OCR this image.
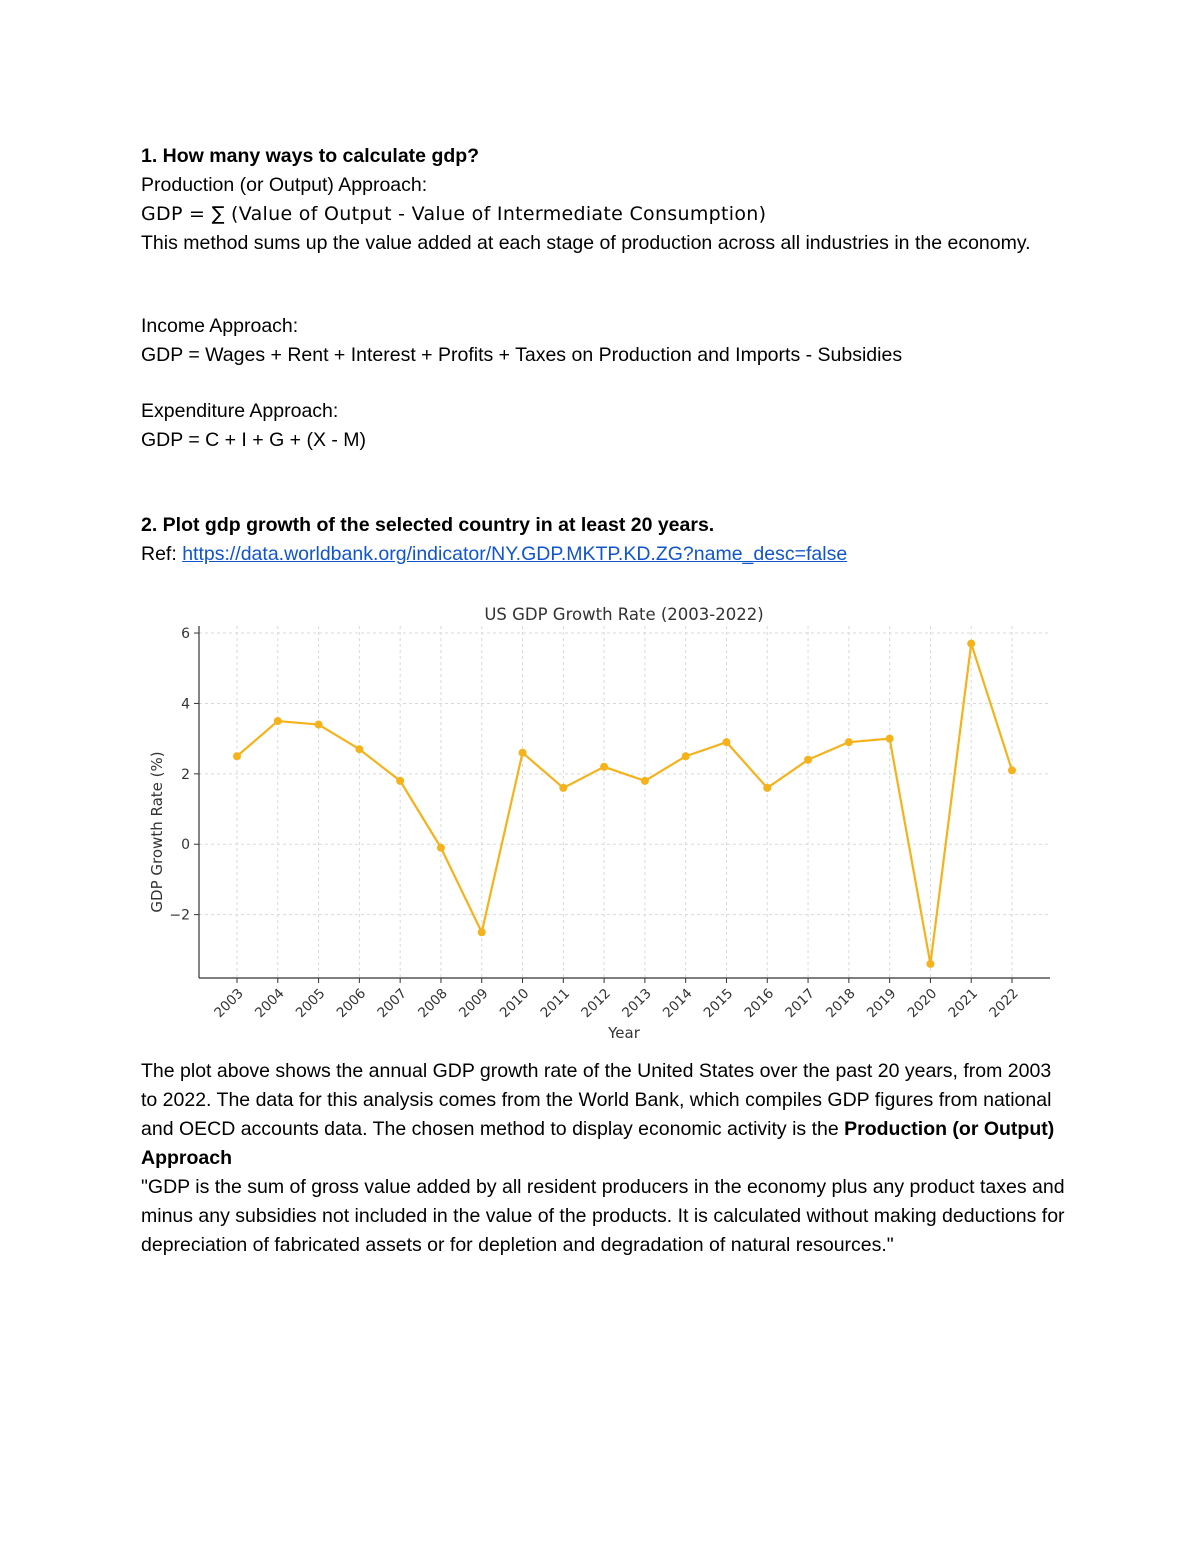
1. How many ways to calculate gdp?
Production (or Output) Approach:
GDP = ∑ (Value of Output - Value of Intermediate Consumption)
This method sums up the value added at each stage of production across all industries in the economy.
Income Approach:
GDP = Wages + Rent + Interest + Profits + Taxes on Production and Imports - Subsidies
Expenditure Approach:
GDP = C + I + G + (X - M)
2. Plot gdp growth of the selected country in at least 20 years.
Ref: https://data.worldbank.org/indicator/NY.GDP.MKTP.KD.ZG?name_desc=false
US GDP Growth Rate (2003-2022)
−2
0
2
4
6
2003 2004 2005 2006 2007 2008 2009 2010 2011 2012 2013 2014 2015 2016 2017 2018 2019 2020 2021 2022
Year
GDP Growth Rate (%)
The plot above shows the annual GDP growth rate of the United States over the past 20 years, from 2003 to 2022. The data for this analysis comes from the World Bank, which compiles GDP figures from national and OECD accounts data. The chosen method to display economic activity is the Production (or Output) Approach
"GDP is the sum of gross value added by all resident producers in the economy plus any product taxes and minus any subsidies not included in the value of the products. It is calculated without making deductions for depreciation of fabricated assets or for depletion and degradation of natural resources."
